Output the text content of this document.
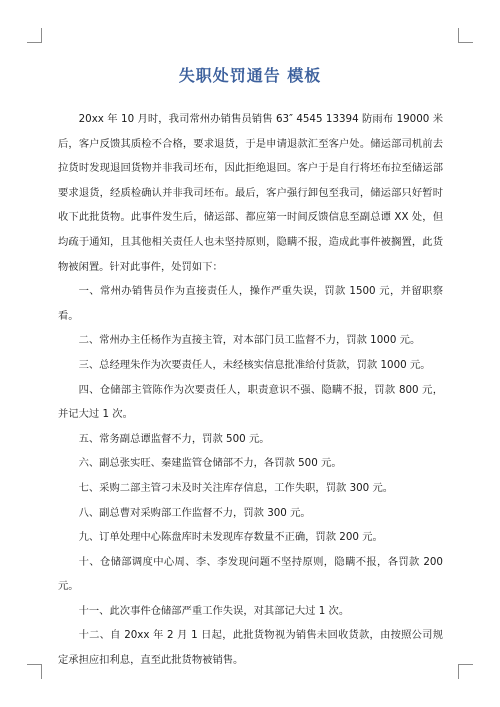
失职处罚通告 模板

20xx 年 10 月时，我司常州办销售员销售 63″ 4545 13394 防雨布 19000 米后，客户反馈其质检不合格，要求退货，于是申请退款汇至客户处。储运部司机前去拉货时发现退回货物并非我司坯布，因此拒绝退回。客户于是自行将坯布拉至储运部要求退货，经质检确认并非我司坯布。最后，客户强行卸包至我司，储运部只好暂时收下此批货物。此事件发生后，储运部、都应第一时间反馈信息至副总谭 XX 处，但均疏于通知，且其他相关责任人也未坚持原则，隐瞒不报，造成此事件被搁置，此货物被闲置。针对此事件，处罚如下：

一、常州办销售员作为直接责任人，操作严重失误，罚款 1500 元，并留职察看。

二、常州办主任杨作为直接主管，对本部门员工监督不力，罚款 1000 元。

三、总经理朱作为次要责任人，未经核实信息批准给付货款，罚款 1000 元。

四、仓储部主管陈作为次要责任人，职责意识不强、隐瞒不报，罚款 800 元，并记大过 1 次。

五、常务副总谭监督不力，罚款 500 元。

六、副总张实旺、秦建监管仓储部不力，各罚款 500 元。

七、采购二部主管刁未及时关注库存信息，工作失职，罚款 300 元。

八、副总曹对采购部工作监督不力，罚款 300 元。

九、订单处理中心陈盘库时未发现库存数量不正确，罚款 200 元。

十、仓储部调度中心周、李、李发现问题不坚持原则，隐瞒不报，各罚款 200 元。

十一、此次事件仓储部严重工作失误，对其部记大过 1 次。

十二、自 20xx 年 2 月 1 日起，此批货物视为销售未回收货款，由按照公司规定承担应扣利息，直至此批货物被销售。
